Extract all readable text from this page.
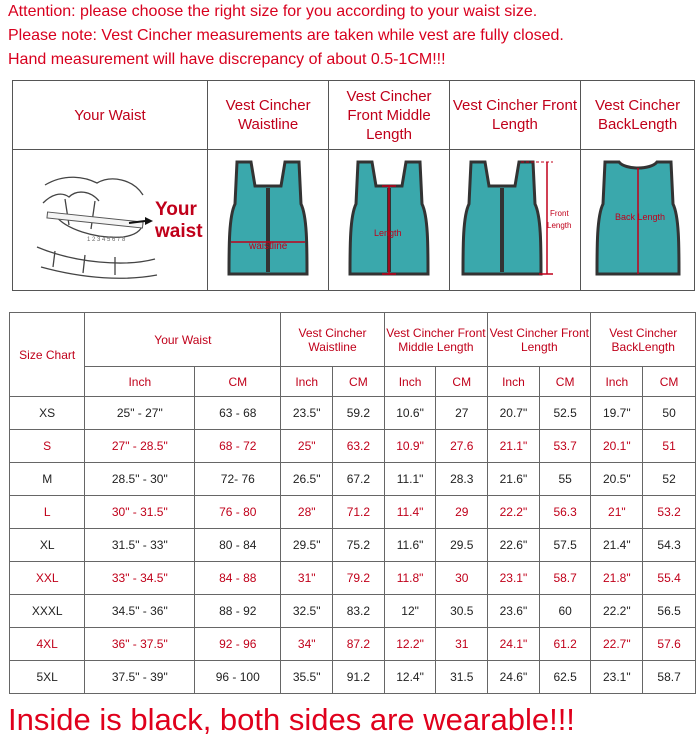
Attention: please choose the right size for you according to your waist size.
Please note: Vest Cincher measurements are taken while vest are fully closed.
Hand measurement will have discrepancy of about 0.5-1CM!!!
Your Waist	Vest Cincher Waistline	Vest Cincher Front Middle Length	Vest Cincher Front Length	Vest Cincher BackLength

1 2 3 4 5 6 7 8
Your
waist	waistline	Length	Front
Length	Back Length
Size Chart	Your Waist		Vest Cincher Waistline		Vest Cincher Front Middle Length		Vest Cincher Front Length		Vest Cincher BackLength	
	Inch	CM	Inch	CM	Inch	CM	Inch	CM	Inch	CM
XS	25" - 27"	63 - 68	23.5"	59.2	10.6"	27	20.7"	52.5	19.7"	50
S	27" - 28.5"	68 - 72	25"	63.2	10.9"	27.6	21.1"	53.7	20.1"	51
M	28.5" - 30"	72- 76	26.5"	67.2	11.1"	28.3	21.6"	55	20.5"	52
L	30" - 31.5"	76 - 80	28"	71.2	11.4"	29	22.2"	56.3	21"	53.2
XL	31.5" - 33"	80 - 84	29.5"	75.2	11.6"	29.5	22.6"	57.5	21.4"	54.3
XXL	33" - 34.5"	84 - 88	31"	79.2	11.8"	30	23.1"	58.7	21.8"	55.4
XXXL	34.5" - 36"	88 - 92	32.5"	83.2	12"	30.5	23.6"	60	22.2"	56.5
4XL	36" - 37.5"	92 - 96	34"	87.2	12.2"	31	24.1"	61.2	22.7"	57.6
5XL	37.5" - 39"	96 - 100	35.5"	91.2	12.4"	31.5	24.6"	62.5	23.1"	58.7
Inside is black, both sides are wearable!!!
